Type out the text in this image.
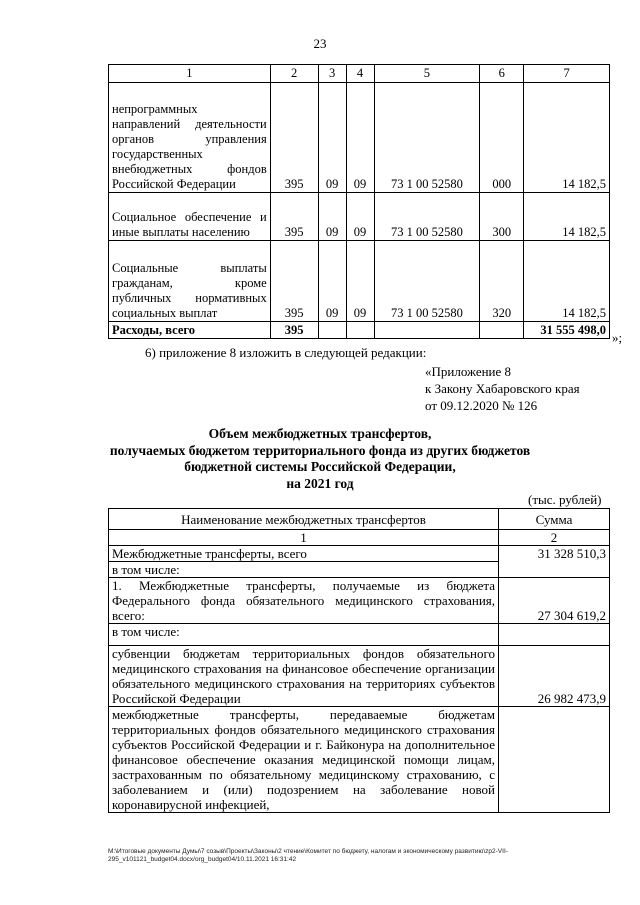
23
1	2	3	4	5	6	7
непрограммных направлений деятельности органов управления государственных внебюджетных фондов Российской Федерации	395	09	09	73 1 00 52580	000	14 182,5
Социальное обеспечение и иные выплаты населению	395	09	09	73 1 00 52580	300	14 182,5
Социальные выплаты гражданам, кроме публичных нормативных социальных выплат	395	09	09	73 1 00 52580	320	14 182,5
Расходы, всего	395					31 555 498,0 »;
6) приложение 8 изложить в следующей редакции:
«Приложение 8
к Закону Хабаровского края
от 09.12.2020 № 126
Объем межбюджетных трансфертов,
получаемых бюджетом территориального фонда из других бюджетов
бюджетной системы Российской Федерации,
на 2021 год
(тыс. рублей)
Наименование межбюджетных трансфертов	Сумма
1	2
Межбюджетные трансферты, всего	31 328 510,3
в том числе:	
1. Межбюджетные трансферты, получаемые из бюджета Федерального фонда обязательного медицинского страхования, всего:	27 304 619,2
в том числе:	
субвенции бюджетам территориальных фондов обязательного медицинского страхования на финансовое обеспечение организации обязательного медицинского страхования на территориях субъектов Российской Федерации	26 982 473,9
межбюджетные трансферты, передаваемые бюджетам территориальных фондов обязательного медицинского страхования субъектов Российской Федерации и г. Байконура на дополнительное финансовое обеспечение оказания медицинской помощи лицам, застрахованным по обязательному медицинскому страхованию, с заболеванием и (или) подозрением на заболевание новой коронавирусной инфекцией,	
M:\Итоговые документы Думы\7 созыв\Проекты\Законы\2 чтение\Комитет по бюджету, налогам и экономическому развитию\zp2-VII-295_v101121_budget04.docx/org_budget04/10.11.2021 16:31:42
